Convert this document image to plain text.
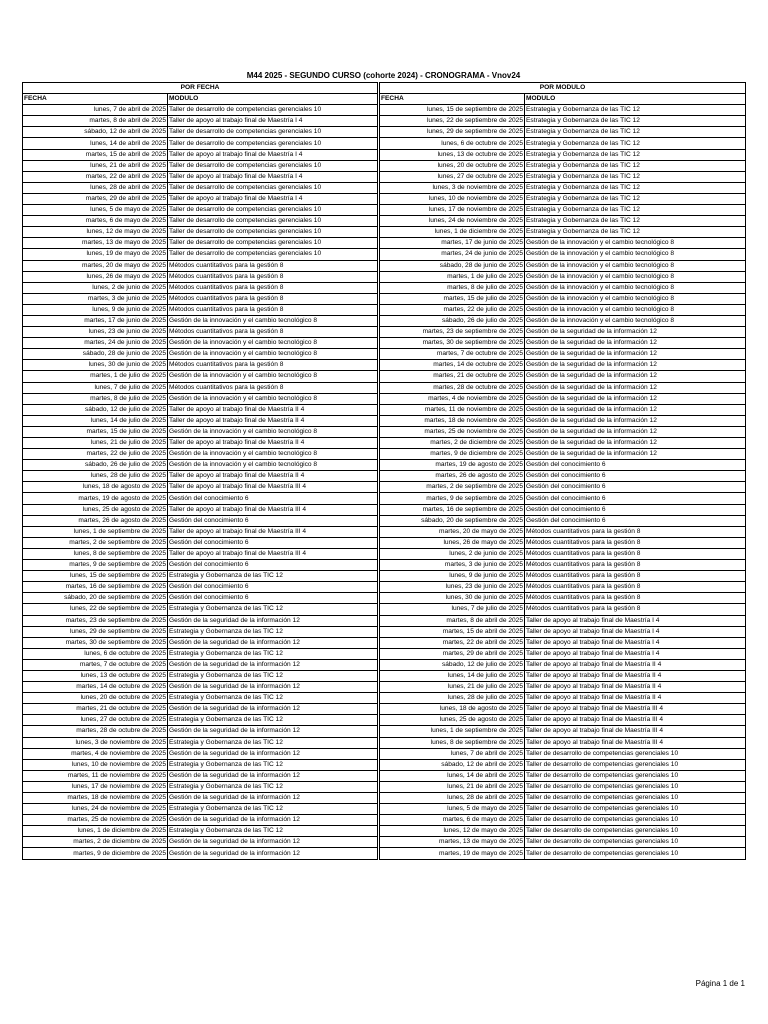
M44 2025 - SEGUNDO CURSO (cohorte 2024) - CRONOGRAMA - Vnov24
POR FECHA			POR MODULO	
FECHA	MODULO		FECHA	MODULO
lunes, 7 de abril de 2025	Taller de desarrollo de competencias gerenciales 10		lunes, 15 de septiembre de 2025	Estrategia y Gobernanza de las TIC 12
martes, 8 de abril de 2025	Taller de apoyo al trabajo final de Maestría I 4		lunes, 22 de septiembre de 2025	Estrategia y Gobernanza de las TIC 12
sábado, 12 de abril de 2025	Taller de desarrollo de competencias gerenciales 10		lunes, 29 de septiembre de 2025	Estrategia y Gobernanza de las TIC 12
lunes, 14 de abril de 2025	Taller de desarrollo de competencias gerenciales 10		lunes, 6 de octubre de 2025	Estrategia y Gobernanza de las TIC 12
martes, 15 de abril de 2025	Taller de apoyo al trabajo final de Maestría I 4		lunes, 13 de octubre de 2025	Estrategia y Gobernanza de las TIC 12
lunes, 21 de abril de 2025	Taller de desarrollo de competencias gerenciales 10		lunes, 20 de octubre de 2025	Estrategia y Gobernanza de las TIC 12
martes, 22 de abril de 2025	Taller de apoyo al trabajo final de Maestría I 4		lunes, 27 de octubre de 2025	Estrategia y Gobernanza de las TIC 12
lunes, 28 de abril de 2025	Taller de desarrollo de competencias gerenciales 10		lunes, 3 de noviembre de 2025	Estrategia y Gobernanza de las TIC 12
martes, 29 de abril de 2025	Taller de apoyo al trabajo final de Maestría I 4		lunes, 10 de noviembre de 2025	Estrategia y Gobernanza de las TIC 12
lunes, 5 de mayo de 2025	Taller de desarrollo de competencias gerenciales 10		lunes, 17 de noviembre de 2025	Estrategia y Gobernanza de las TIC 12
martes, 6 de mayo de 2025	Taller de desarrollo de competencias gerenciales 10		lunes, 24 de noviembre de 2025	Estrategia y Gobernanza de las TIC 12
lunes, 12 de mayo de 2025	Taller de desarrollo de competencias gerenciales 10		lunes, 1 de diciembre de 2025	Estrategia y Gobernanza de las TIC 12
martes, 13 de mayo de 2025	Taller de desarrollo de competencias gerenciales 10		martes, 17 de junio de 2025	Gestión de la innovación y el cambio tecnológico 8
lunes, 19 de mayo de 2025	Taller de desarrollo de competencias gerenciales 10		martes, 24 de junio de 2025	Gestión de la innovación y el cambio tecnológico 8
martes, 20 de mayo de 2025	Métodos cuantitativos para la gestión 8		sábado, 28 de junio de 2025	Gestión de la innovación y el cambio tecnológico 8
lunes, 26 de mayo de 2025	Métodos cuantitativos para la gestión 8		martes, 1 de julio de 2025	Gestión de la innovación y el cambio tecnológico 8
lunes, 2 de junio de 2025	Métodos cuantitativos para la gestión 8		martes, 8 de julio de 2025	Gestión de la innovación y el cambio tecnológico 8
martes, 3 de junio de 2025	Métodos cuantitativos para la gestión 8		martes, 15 de julio de 2025	Gestión de la innovación y el cambio tecnológico 8
lunes, 9 de junio de 2025	Métodos cuantitativos para la gestión 8		martes, 22 de julio de 2025	Gestión de la innovación y el cambio tecnológico 8
martes, 17 de junio de 2025	Gestión de la innovación y el cambio tecnológico 8		sábado, 26 de julio de 2025	Gestión de la innovación y el cambio tecnológico 8
lunes, 23 de junio de 2025	Métodos cuantitativos para la gestión 8		martes, 23 de septiembre de 2025	Gestión de la seguridad de la información 12
martes, 24 de junio de 2025	Gestión de la innovación y el cambio tecnológico 8		martes, 30 de septiembre de 2025	Gestión de la seguridad de la información 12
sábado, 28 de junio de 2025	Gestión de la innovación y el cambio tecnológico 8		martes, 7 de octubre de 2025	Gestión de la seguridad de la información 12
lunes, 30 de junio de 2025	Métodos cuantitativos para la gestión 8		martes, 14 de octubre de 2025	Gestión de la seguridad de la información 12
martes, 1 de julio de 2025	Gestión de la innovación y el cambio tecnológico 8		martes, 21 de octubre de 2025	Gestión de la seguridad de la información 12
lunes, 7 de julio de 2025	Métodos cuantitativos para la gestión 8		martes, 28 de octubre de 2025	Gestión de la seguridad de la información 12
martes, 8 de julio de 2025	Gestión de la innovación y el cambio tecnológico 8		martes, 4 de noviembre de 2025	Gestión de la seguridad de la información 12
sábado, 12 de julio de 2025	Taller de apoyo al trabajo final de Maestría II 4		martes, 11 de noviembre de 2025	Gestión de la seguridad de la información 12
lunes, 14 de julio de 2025	Taller de apoyo al trabajo final de Maestría II 4		martes, 18 de noviembre de 2025	Gestión de la seguridad de la información 12
martes, 15 de julio de 2025	Gestión de la innovación y el cambio tecnológico 8		martes, 25 de noviembre de 2025	Gestión de la seguridad de la información 12
lunes, 21 de julio de 2025	Taller de apoyo al trabajo final de Maestría II 4		martes, 2 de diciembre de 2025	Gestión de la seguridad de la información 12
martes, 22 de julio de 2025	Gestión de la innovación y el cambio tecnológico 8		martes, 9 de diciembre de 2025	Gestión de la seguridad de la información 12
sábado, 26 de julio de 2025	Gestión de la innovación y el cambio tecnológico 8		martes, 19 de agosto de 2025	Gestión del conocimiento 6
lunes, 28 de julio de 2025	Taller de apoyo al trabajo final de Maestría II 4		martes, 26 de agosto de 2025	Gestión del conocimiento 6
lunes, 18 de agosto de 2025	Taller de apoyo al trabajo final de Maestría III 4		martes, 2 de septiembre de 2025	Gestión del conocimiento 6
martes, 19 de agosto de 2025	Gestión del conocimiento 6		martes, 9 de septiembre de 2025	Gestión del conocimiento 6
lunes, 25 de agosto de 2025	Taller de apoyo al trabajo final de Maestría III 4		martes, 16 de septiembre de 2025	Gestión del conocimiento 6
martes, 26 de agosto de 2025	Gestión del conocimiento 6		sábado, 20 de septiembre de 2025	Gestión del conocimiento 6
lunes, 1 de septiembre de 2025	Taller de apoyo al trabajo final de Maestría III 4		martes, 20 de mayo de 2025	Métodos cuantitativos para la gestión 8
martes, 2 de septiembre de 2025	Gestión del conocimiento 6		lunes, 26 de mayo de 2025	Métodos cuantitativos para la gestión 8
lunes, 8 de septiembre de 2025	Taller de apoyo al trabajo final de Maestría III 4		lunes, 2 de junio de 2025	Métodos cuantitativos para la gestión 8
martes, 9 de septiembre de 2025	Gestión del conocimiento 6		martes, 3 de junio de 2025	Métodos cuantitativos para la gestión 8
lunes, 15 de septiembre de 2025	Estrategia y Gobernanza de las TIC 12		lunes, 9 de junio de 2025	Métodos cuantitativos para la gestión 8
martes, 16 de septiembre de 2025	Gestión del conocimiento 6		lunes, 23 de junio de 2025	Métodos cuantitativos para la gestión 8
sábado, 20 de septiembre de 2025	Gestión del conocimiento 6		lunes, 30 de junio de 2025	Métodos cuantitativos para la gestión 8
lunes, 22 de septiembre de 2025	Estrategia y Gobernanza de las TIC 12		lunes, 7 de julio de 2025	Métodos cuantitativos para la gestión 8
martes, 23 de septiembre de 2025	Gestión de la seguridad de la información 12		martes, 8 de abril de 2025	Taller de apoyo al trabajo final de Maestría I 4
lunes, 29 de septiembre de 2025	Estrategia y Gobernanza de las TIC 12		martes, 15 de abril de 2025	Taller de apoyo al trabajo final de Maestría I 4
martes, 30 de septiembre de 2025	Gestión de la seguridad de la información 12		martes, 22 de abril de 2025	Taller de apoyo al trabajo final de Maestría I 4
lunes, 6 de octubre de 2025	Estrategia y Gobernanza de las TIC 12		martes, 29 de abril de 2025	Taller de apoyo al trabajo final de Maestría I 4
martes, 7 de octubre de 2025	Gestión de la seguridad de la información 12		sábado, 12 de julio de 2025	Taller de apoyo al trabajo final de Maestría II 4
lunes, 13 de octubre de 2025	Estrategia y Gobernanza de las TIC 12		lunes, 14 de julio de 2025	Taller de apoyo al trabajo final de Maestría II 4
martes, 14 de octubre de 2025	Gestión de la seguridad de la información 12		lunes, 21 de julio de 2025	Taller de apoyo al trabajo final de Maestría II 4
lunes, 20 de octubre de 2025	Estrategia y Gobernanza de las TIC 12		lunes, 28 de julio de 2025	Taller de apoyo al trabajo final de Maestría II 4
martes, 21 de octubre de 2025	Gestión de la seguridad de la información 12		lunes, 18 de agosto de 2025	Taller de apoyo al trabajo final de Maestría III 4
lunes, 27 de octubre de 2025	Estrategia y Gobernanza de las TIC 12		lunes, 25 de agosto de 2025	Taller de apoyo al trabajo final de Maestría III 4
martes, 28 de octubre de 2025	Gestión de la seguridad de la información 12		lunes, 1 de septiembre de 2025	Taller de apoyo al trabajo final de Maestría III 4
lunes, 3 de noviembre de 2025	Estrategia y Gobernanza de las TIC 12		lunes, 8 de septiembre de 2025	Taller de apoyo al trabajo final de Maestría III 4
martes, 4 de noviembre de 2025	Gestión de la seguridad de la información 12		lunes, 7 de abril de 2025	Taller de desarrollo de competencias gerenciales 10
lunes, 10 de noviembre de 2025	Estrategia y Gobernanza de las TIC 12		sábado, 12 de abril de 2025	Taller de desarrollo de competencias gerenciales 10
martes, 11 de noviembre de 2025	Gestión de la seguridad de la información 12		lunes, 14 de abril de 2025	Taller de desarrollo de competencias gerenciales 10
lunes, 17 de noviembre de 2025	Estrategia y Gobernanza de las TIC 12		lunes, 21 de abril de 2025	Taller de desarrollo de competencias gerenciales 10
martes, 18 de noviembre de 2025	Gestión de la seguridad de la información 12		lunes, 28 de abril de 2025	Taller de desarrollo de competencias gerenciales 10
lunes, 24 de noviembre de 2025	Estrategia y Gobernanza de las TIC 12		lunes, 5 de mayo de 2025	Taller de desarrollo de competencias gerenciales 10
martes, 25 de noviembre de 2025	Gestión de la seguridad de la información 12		martes, 6 de mayo de 2025	Taller de desarrollo de competencias gerenciales 10
lunes, 1 de diciembre de 2025	Estrategia y Gobernanza de las TIC 12		lunes, 12 de mayo de 2025	Taller de desarrollo de competencias gerenciales 10
martes, 2 de diciembre de 2025	Gestión de la seguridad de la información 12		martes, 13 de mayo de 2025	Taller de desarrollo de competencias gerenciales 10
martes, 9 de diciembre de 2025	Gestión de la seguridad de la información 12		martes, 19 de mayo de 2025	Taller de desarrollo de competencias gerenciales 10
Página 1 de 1
